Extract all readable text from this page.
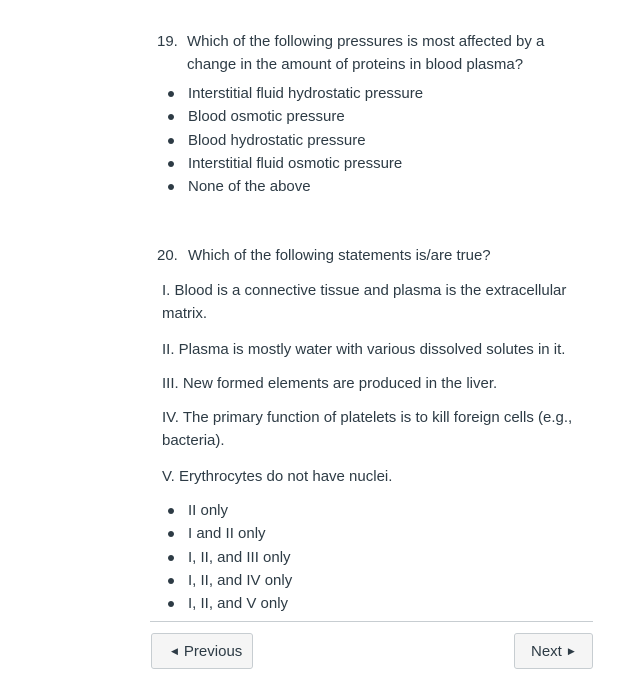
19. Which of the following pressures is most affected by a change in the amount of proteins in blood plasma?
Interstitial fluid hydrostatic pressure
Blood osmotic pressure
Blood hydrostatic pressure
Interstitial fluid osmotic pressure
None of the above
20. Which of the following statements is/are true?
I. Blood is a connective tissue and plasma is the extracellular matrix.
II. Plasma is mostly water with various dissolved solutes in it.
III. New formed elements are produced in the liver.
IV. The primary function of platelets is to kill foreign cells (e.g., bacteria).
V. Erythrocytes do not have nuclei.
II only
I and II only
I, II, and III only
I, II, and IV only
I, II, and V only
◀ Previous	Next ▶
